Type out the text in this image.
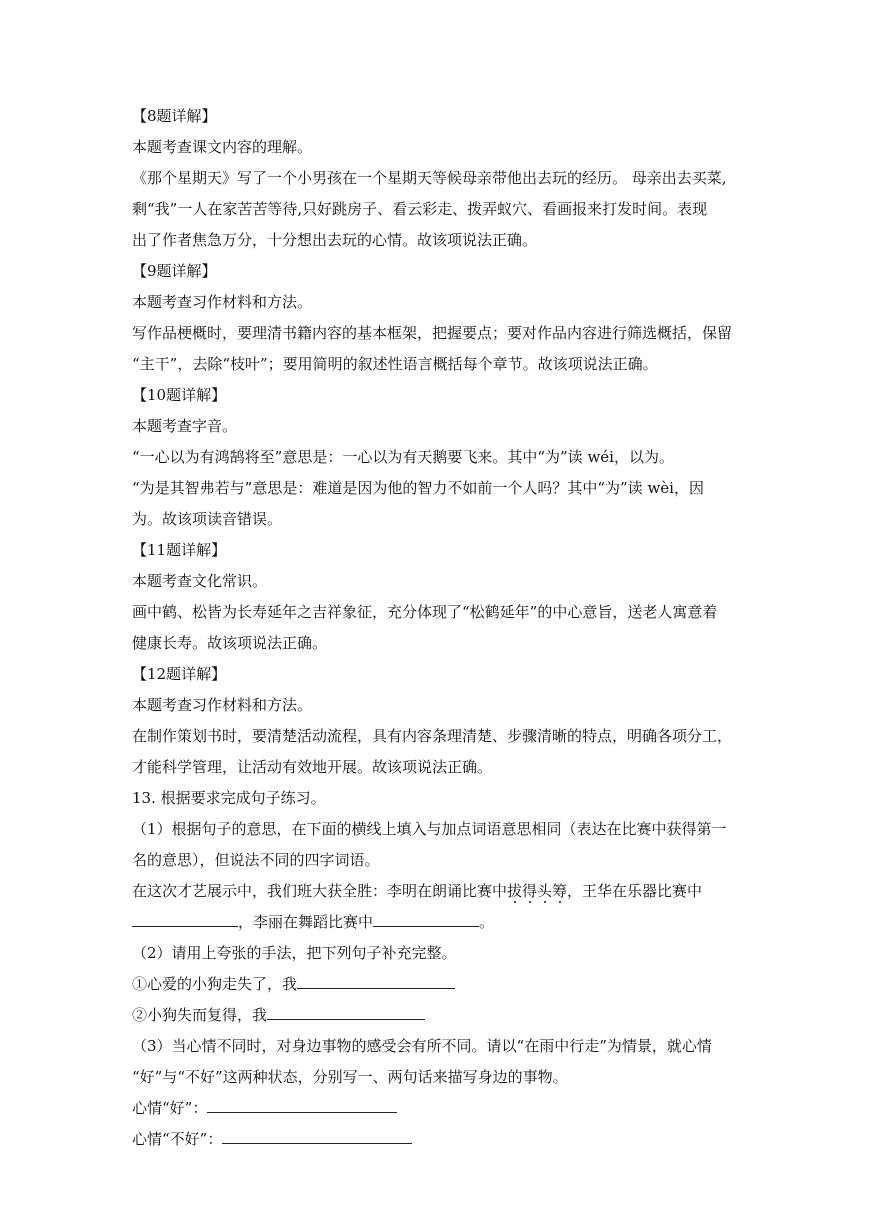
【8题详解】
本题考查课文内容的理解。
《那个星期天》写了一个小男孩在一个星期天等候母亲带他出去玩的经历。 母亲出去买菜,
剩“我”一人在家苦苦等待,只好跳房子、看云彩走、拨弄蚁穴、看画报来打发时间。表现
出了作者焦急万分，十分想出去玩的心情。故该项说法正确。
【9题详解】
本题考查习作材料和方法。
写作品梗概时，要理清书籍内容的基本框架，把握要点；要对作品内容进行筛选概括，保留
“主干”，去除“枝叶”；要用简明的叙述性语言概括每个章节。故该项说法正确。
【10题详解】
本题考查字音。
“一心以为有鸿鹄将至”意思是：一心以为有天鹅要飞来。其中“为”读 wéi，以为。
“为是其智弗若与”意思是：难道是因为他的智力不如前一个人吗？其中“为”读 wèi，因
为。故该项读音错误。
【11题详解】
本题考查文化常识。
画中鹤、松皆为长寿延年之吉祥象征，充分体现了“松鹤延年”的中心意旨，送老人寓意着
健康长寿。故该项说法正确。
【12题详解】
本题考查习作材料和方法。
在制作策划书时，要清楚活动流程，具有内容条理清楚、步骤清晰的特点，明确各项分工，
才能科学管理，让活动有效地开展。故该项说法正确。
13. 根据要求完成句子练习。
（1）根据句子的意思，在下面的横线上填入与加点词语意思相同（表达在比赛中获得第一
名的意思），但说法不同的四字词语。
在这次才艺展示中，我们班大获全胜：李明在朗诵比赛中拔得头筹
，王华在乐器比赛中
，李丽在舞蹈比赛中	。
（2）请用上夸张的手法，把下列句子补充完整。
①心爱的小狗走失了，我
②小狗失而复得，我
（3）当心情不同时，对身边事物的感受会有所不同。请以“在雨中行走”为情景，就心情
“好”与“不好”这两种状态，分别写一、两句话来描写身边的事物。
心情“好”：
心情“不好”：
